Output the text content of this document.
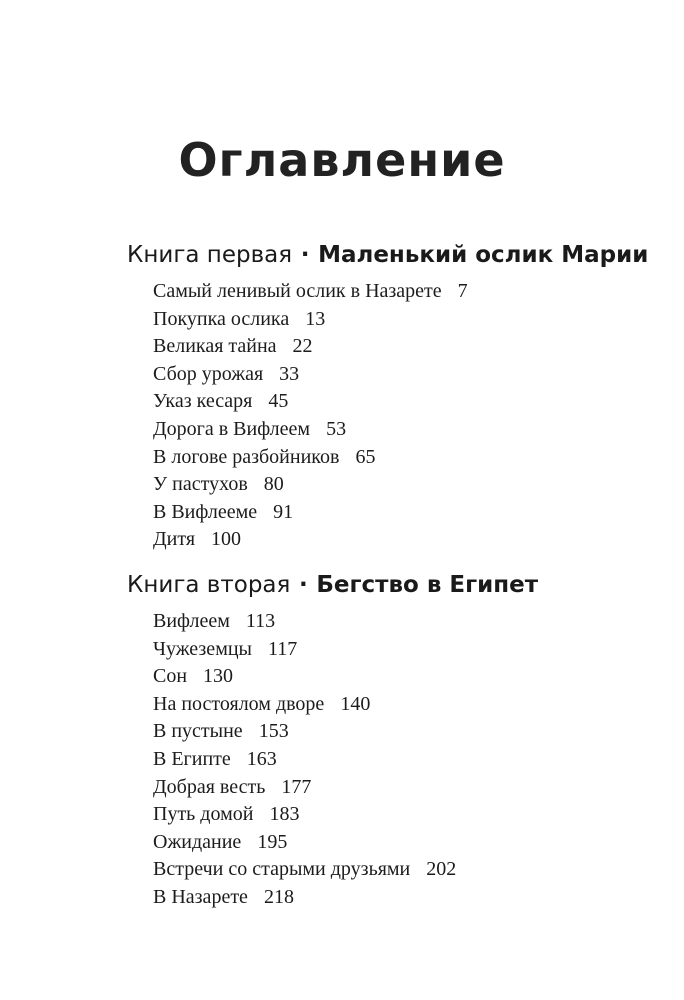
Оглавление

Книга первая · Маленький ослик Марии

Самый ленивый ослик в Назарете 7
Покупка ослика 13
Великая тайна 22
Сбор урожая 33
Указ кесаря 45
Дорога в Вифлеем 53
В логове разбойников 65
У пастухов 80
В Вифлееме 91
Дитя 100

Книга вторая · Бегство в Египет

Вифлеем 113
Чужеземцы 117
Сон 130
На постоялом дворе 140
В пустыне 153
В Египте 163
Добрая весть 177
Путь домой 183
Ожидание 195
Встречи со старыми друзьями 202
В Назарете 218
